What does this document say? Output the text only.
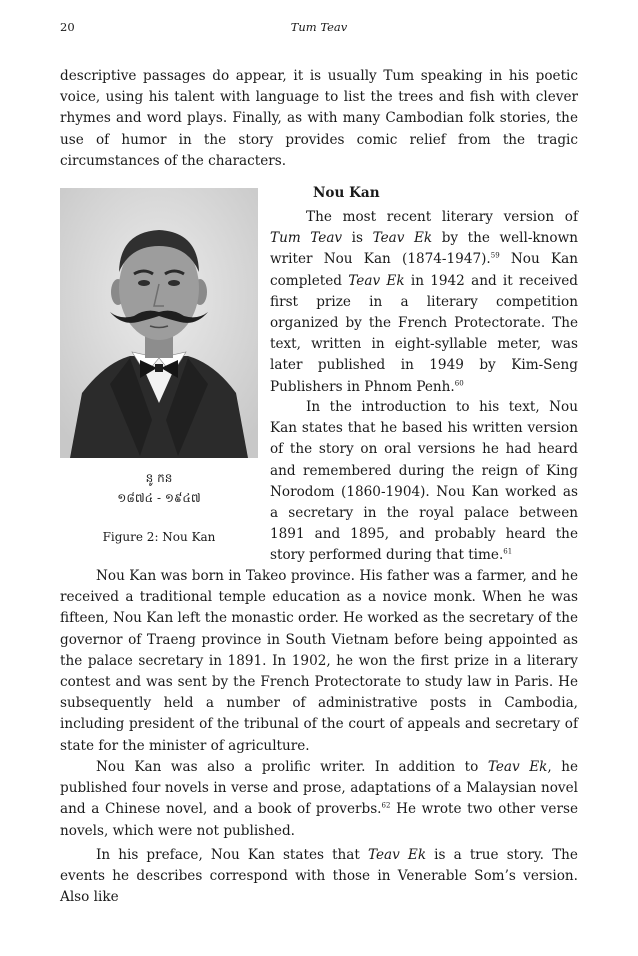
20	Tum Teav

descriptive passages do appear, it is usually Tum speaking in his poetic voice, using his talent with language to list the trees and fish with clever rhymes and word plays. Finally, as with many Cambodian folk stories, the use of humor in the story provides comic relief from the tragic circumstances of the characters.

នូ កន
១៨៧៤ - ១៩៤៧
Figure 2: Nou Kan
Nou Kan

The most recent literary version of Tum Teav is Teav Ek by the well-known writer Nou Kan (1874-1947).$^{59}$ Nou Kan completed Teav Ek in 1942 and it received first prize in a literary competition organized by the French Protectorate. The text, written in eight-syllable meter, was later published in 1949 by Kim-Seng Publishers in Phnom Penh.$^{60}$

In the introduction to his text, Nou Kan states that he based his written version of the story on oral versions he had heard and remembered during the reign of King Norodom (1860-1904). Nou Kan worked as a secretary in the royal palace between 1891 and 1895, and probably heard the story performed during that time.$^{61}$

Nou Kan was born in Takeo province. His father was a farmer, and he received a traditional temple education as a novice monk. When he was fifteen, Nou Kan left the monastic order. He worked as the secretary of the governor of Traeng province in South Vietnam before being appointed as the palace secretary in 1891. In 1902, he won the first prize in a literary contest and was sent by the French Protectorate to study law in Paris. He subsequently held a number of administrative posts in Cambodia, including president of the tribunal of the court of appeals and secretary of state for the minister of agriculture.

Nou Kan was also a prolific writer. In addition to Teav Ek, he published four novels in verse and prose, adaptations of a Malaysian novel and a Chinese novel, and a book of proverbs.$^{62}$ He wrote two other verse novels, which were not published.

In his preface, Nou Kan states that Teav Ek is a true story. The events he describes correspond with those in Venerable Som’s version. Also like
